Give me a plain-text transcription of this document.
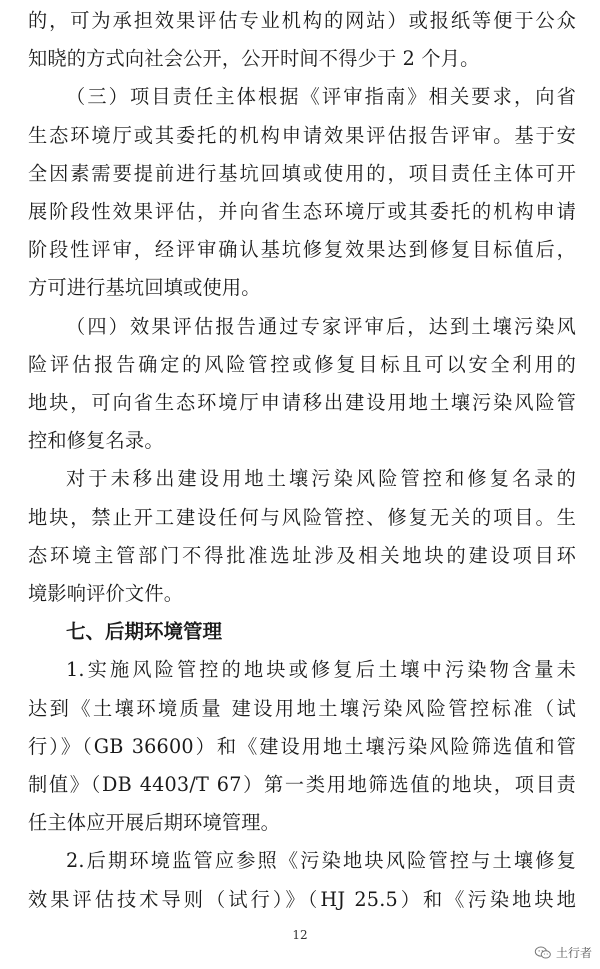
的，可为承担效果评估专业机构的网站）或报纸等便于公众
知晓的方式向社会公开，公开时间不得少于 2 个月。

（三）项目责任主体根据《评审指南》相关要求，向省
生态环境厅或其委托的机构申请效果评估报告评审。基于安
全因素需要提前进行基坑回填或使用的，项目责任主体可开
展阶段性效果评估，并向省生态环境厅或其委托的机构申请
阶段性评审，经评审确认基坑修复效果达到修复目标值后，
方可进行基坑回填或使用。

（四）效果评估报告通过专家评审后，达到土壤污染风
险评估报告确定的风险管控或修复目标且可以安全利用的
地块，可向省生态环境厅申请移出建设用地土壤污染风险管
控和修复名录。

对于未移出建设用地土壤污染风险管控和修复名录的
地块，禁止开工建设任何与风险管控、修复无关的项目。生
态环境主管部门不得批准选址涉及相关地块的建设项目环
境影响评价文件。

七、后期环境管理

1.实施风险管控的地块或修复后土壤中污染物含量未
达到《土壤环境质量 建设用地土壤污染风险管控标准（试
行）》（GB 36600）和《建设用地土壤污染风险筛选值和管
制值》（DB 4403/T 67）第一类用地筛选值的地块，项目责
任主体应开展后期环境管理。

2.后期环境监管应参照《污染地块风险管控与土壤修复
效果评估技术导则（试行）》（HJ 25.5）和《污染地块地

12
土行者
